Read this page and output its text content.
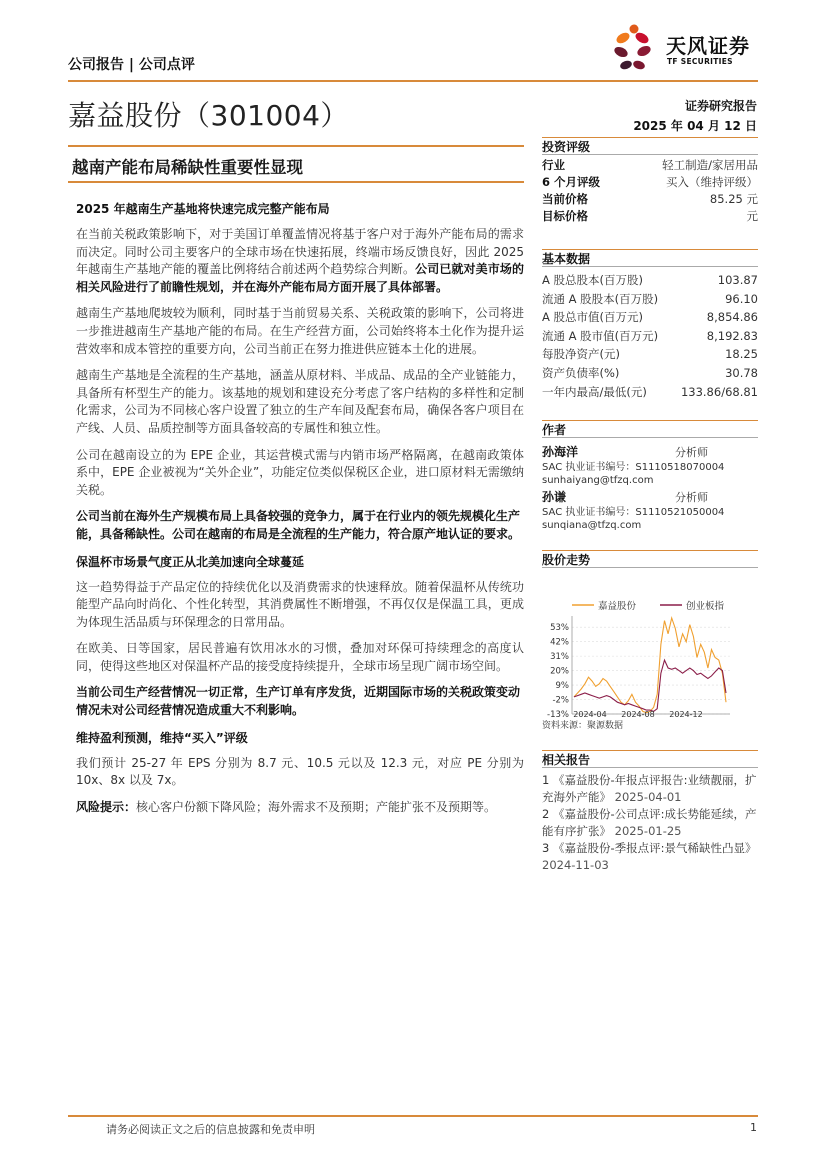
公司报告 | 公司点评
天风证券
TF SECURITIES
嘉益股份（301004）	证券研究报告
2025 年 04 月 12 日
越南产能布局稀缺性重要性显现
2025 年越南生产基地将快速完成完整产能布局
在当前关税政策影响下，对于美国订单覆盖情况将基于客户对于海外产能布局的需求而决定。同时公司主要客户的全球市场在快速拓展，终端市场反馈良好，因此 2025 年越南生产基地产能的覆盖比例将结合前述两个趋势综合判断。公司已就对美市场的相关风险进行了前瞻性规划，并在海外产能布局方面开展了具体部署。
越南生产基地爬坡较为顺利，同时基于当前贸易关系、关税政策的影响下，公司将进一步推进越南生产基地产能的布局。在生产经营方面，公司始终将本土化作为提升运营效率和成本管控的重要方向，公司当前正在努力推进供应链本土化的进展。
越南生产基地是全流程的生产基地，涵盖从原材料、半成品、成品的全产业链能力，具备所有杯型生产的能力。该基地的规划和建设充分考虑了客户结构的多样性和定制化需求，公司为不同核心客户设置了独立的生产车间及配套布局，确保各客户项目在产线、人员、品质控制等方面具备较高的专属性和独立性。
公司在越南设立的为 EPE 企业，其运营模式需与内销市场严格隔离，在越南政策体系中，EPE 企业被视为“关外企业”，功能定位类似保税区企业，进口原材料无需缴纳关税。
公司当前在海外生产规模布局上具备较强的竞争力，属于在行业内的领先规模化生产能，具备稀缺性。公司在越南的布局是全流程的生产能力，符合原产地认证的要求。
保温杯市场景气度正从北美加速向全球蔓延
这一趋势得益于产品定位的持续优化以及消费需求的快速释放。随着保温杯从传统功能型产品向时尚化、个性化转型，其消费属性不断增强，不再仅仅是保温工具，更成为体现生活品质与环保理念的日常用品。
在欧美、日等国家，居民普遍有饮用冰水的习惯，叠加对环保可持续理念的高度认同，使得这些地区对保温杯产品的接受度持续提升，全球市场呈现广阔市场空间。
当前公司生产经营情况一切正常，生产订单有序发货，近期国际市场的关税政策变动情况未对公司经营情况造成重大不利影响。
维持盈利预测，维持“买入”评级
我们预计 25-27 年 EPS 分别为 8.7 元、10.5 元以及 12.3 元，对应 PE 分别为 10x、8x 以及 7x。
风险提示：核心客户份额下降风险；海外需求不及预期；产能扩张不及预期等。
投资评级
行业	轻工制造/家居用品
6 个月评级	买入（维持评级）
当前价格	85.25 元
目标价格	元
基本数据
A 股总股本(百万股)	103.87
流通 A 股股本(百万股)	96.10
A 股总市值(百万元)	8,854.86
流通 A 股市值(百万元)	8,192.83
每股净资产(元)	18.25
资产负债率(%)	30.78
一年内最高/最低(元)	133.86/68.81
作者
孙海洋	分析师
SAC 执业证书编号：S1110518070004
sunhaiyang@tfzq.com
孙谦	分析师
SAC 执业证书编号：S1110521050004
sunqiana@tfzq.com
股价走势
嘉益股份	创业板指
53%
42%
31%
20%
9%
-2%
-13% 2024-04 2024-08 2024-12
资料来源：聚源数据
相关报告
1 《嘉益股份-年报点评报告:业绩靓丽，扩充海外产能》 2025-04-01
2 《嘉益股份-公司点评:成长势能延续，产能有序扩张》 2025-01-25
3 《嘉益股份-季报点评:景气稀缺性凸显》 2024-11-03
请务必阅读正文之后的信息披露和免责申明	1
